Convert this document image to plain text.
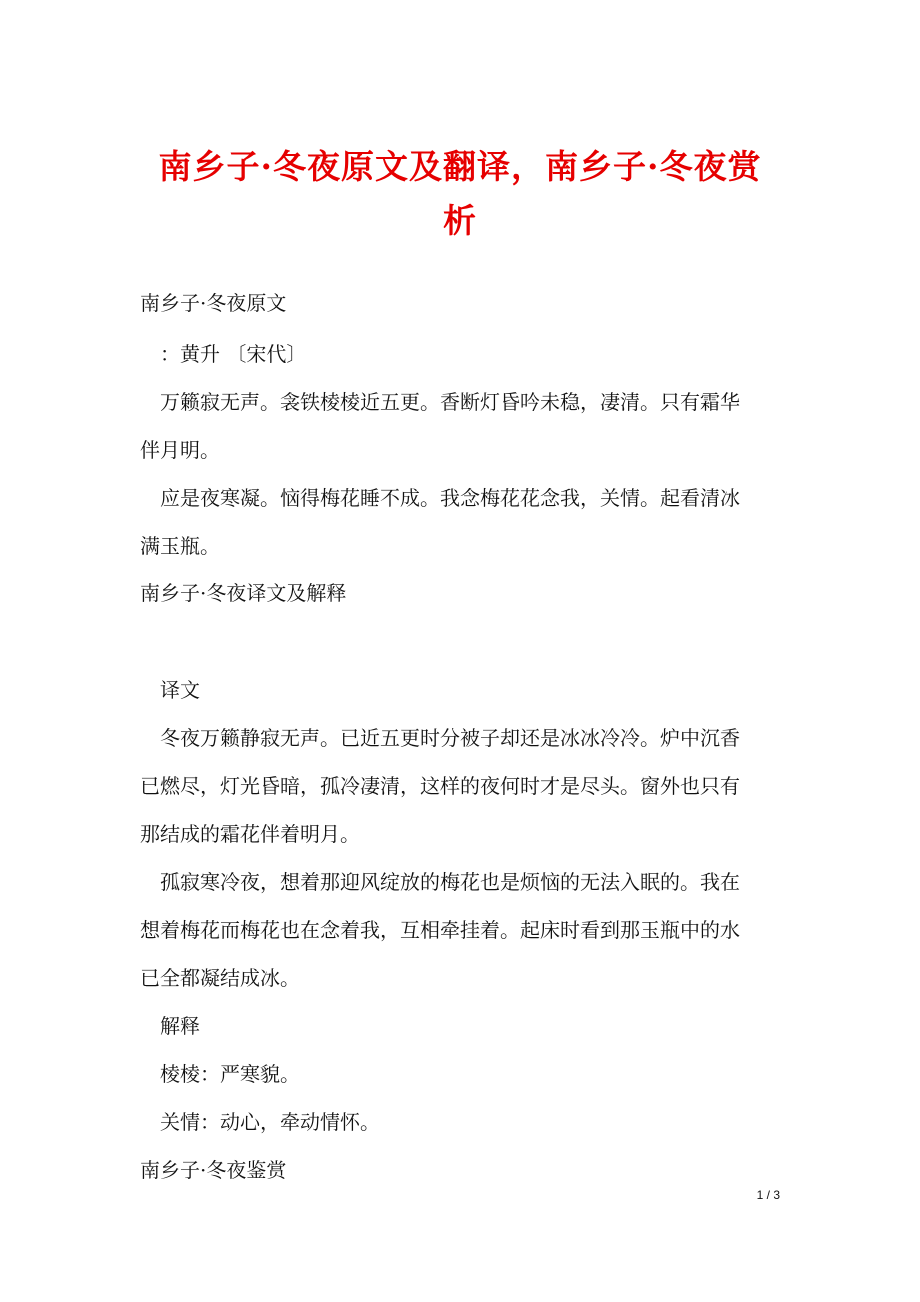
南乡子·冬夜原文及翻译，南乡子·冬夜赏
析
南乡子·冬夜原文
：黄升 〔宋代〕
万籁寂无声。衾铁棱棱近五更。香断灯昏吟未稳，凄清。只有霜华
伴月明。
应是夜寒凝。恼得梅花睡不成。我念梅花花念我，关情。起看清冰
满玉瓶。
南乡子·冬夜译文及解释
译文
冬夜万籁静寂无声。已近五更时分被子却还是冰冰冷冷。炉中沉香
已燃尽，灯光昏暗，孤冷凄清，这样的夜何时才是尽头。窗外也只有
那结成的霜花伴着明月。
孤寂寒冷夜，想着那迎风绽放的梅花也是烦恼的无法入眠的。我在
想着梅花而梅花也在念着我，互相牵挂着。起床时看到那玉瓶中的水
已全都凝结成冰。
解释
棱棱：严寒貌。
关情：动心，牵动情怀。
南乡子·冬夜鉴赏
1 / 3
